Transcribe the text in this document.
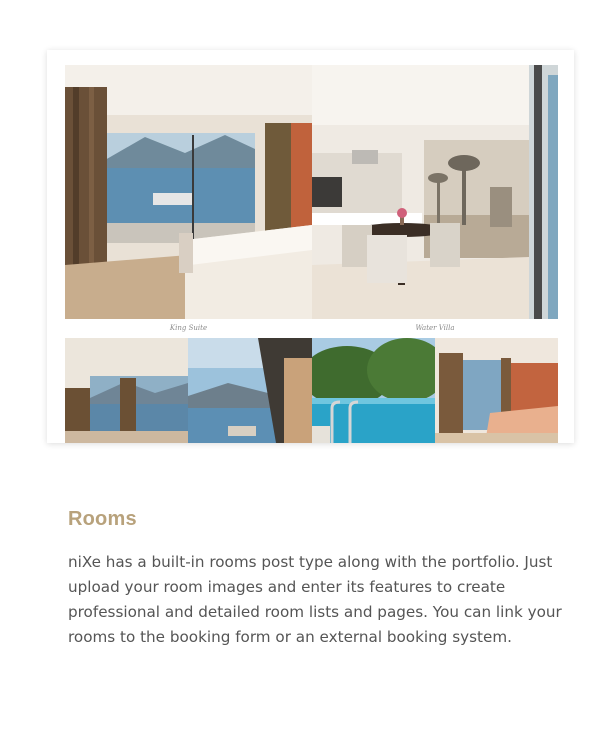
King Suite	Water Villa
Rooms

niXe has a built-in rooms post type along with the portfolio. Just upload your room images and enter its features to create professional and detailed room lists and pages. You can link your rooms to the booking form or an external booking system.
